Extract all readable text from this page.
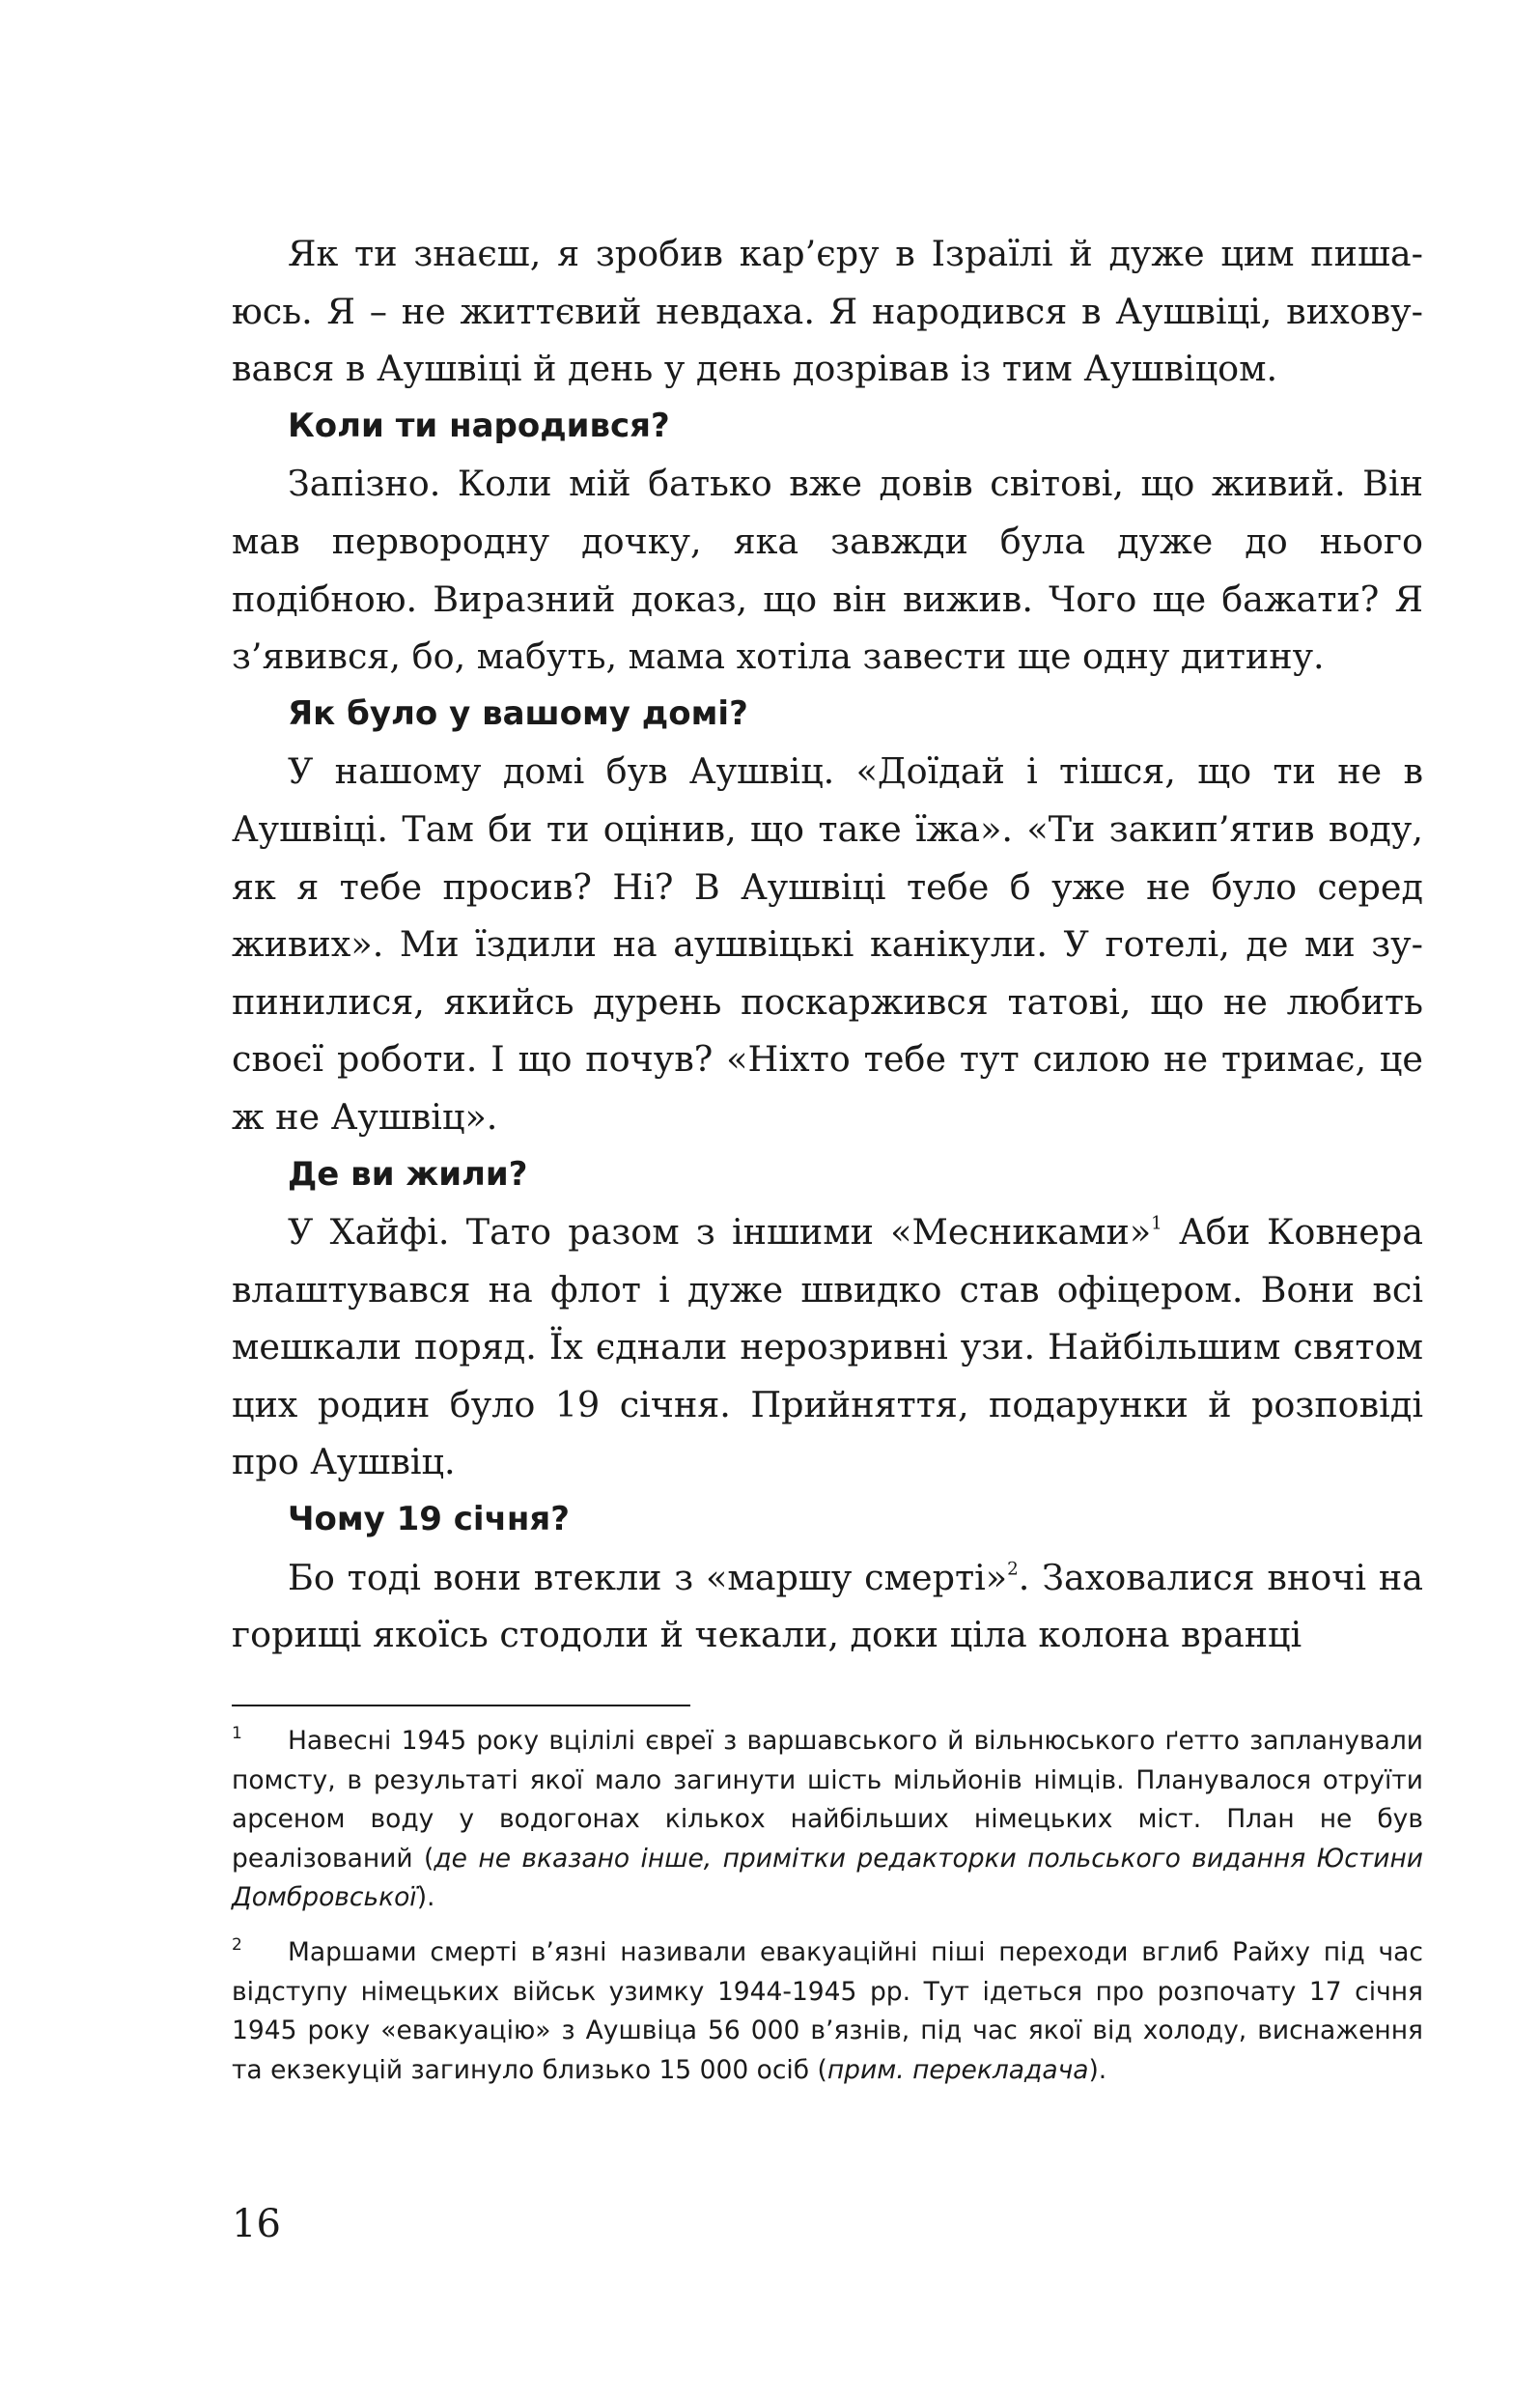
Як ти знаєш, я зробив кар’єру в Ізраїлі й дуже цим пишаюсь. Я – не життєвий невдаха. Я народився в Аушвіці, виховувався в Аушвіці й день у день дозрівав із тим Аушвіцом.

Коли ти народився?

Запізно. Коли мій батько вже довів світові, що живий. Він мав первородну дочку, яка завжди була дуже до нього подібною. Виразний доказ, що він вижив. Чого ще бажати? Я з’явився, бо, мабуть, мама хотіла завести ще одну дитину.

Як було у вашому домі?

У нашому домі був Аушвіц. «Доїдай і тішся, що ти не в Аушвіці. Там би ти оцінив, що таке їжа». «Ти закип’ятив воду, як я тебе просив? Ні? В Аушвіці тебе б уже не було серед живих». Ми їздили на аушвіцькі канікули. У готелі, де ми зупинилися, якийсь дурень поскаржився татові, що не любить своєї роботи. І що почув? «Ніхто тебе тут силою не тримає, це ж не Аушвіц».

Де ви жили?

У Хайфі. Тато разом з іншими «Месниками»$^1$ Аби Ковнера влаштувався на флот і дуже швидко став офіцером. Вони всі мешкали поряд. Їх єднали нерозривні узи. Найбільшим святом цих родин було 19 січня. Прийняття, подарунки й розповіді про Аушвіц.

Чому 19 січня?

Бо тоді вони втекли з «маршу смерті»$^2$. Заховалися вночі на горищі якоїсь стодоли й чекали, доки ціла колона вранці

1 Навесні 1945 року вцілілі євреї з варшавського й вільнюського ґетто запланували помсту, в результаті якої мало загинути шість мільйонів німців. Планувалося отруїти арсеном воду у водогонах кількох найбільших німецьких міст. План не був реалізований (де не вказано інше, примітки редакторки польського видання Юстини Домбровської).

2 Маршами смерті в’язні називали евакуаційні піші переходи вглиб Райху під час відступу німецьких військ узимку 1944-1945 рр. Тут ідеться про розпочату 17 січня 1945 року «евакуацію» з Аушвіца 56 000 в’язнів, під час якої від холоду, виснаження та екзекуцій загинуло близько 15 000 осіб (прим. перекладача).

16
